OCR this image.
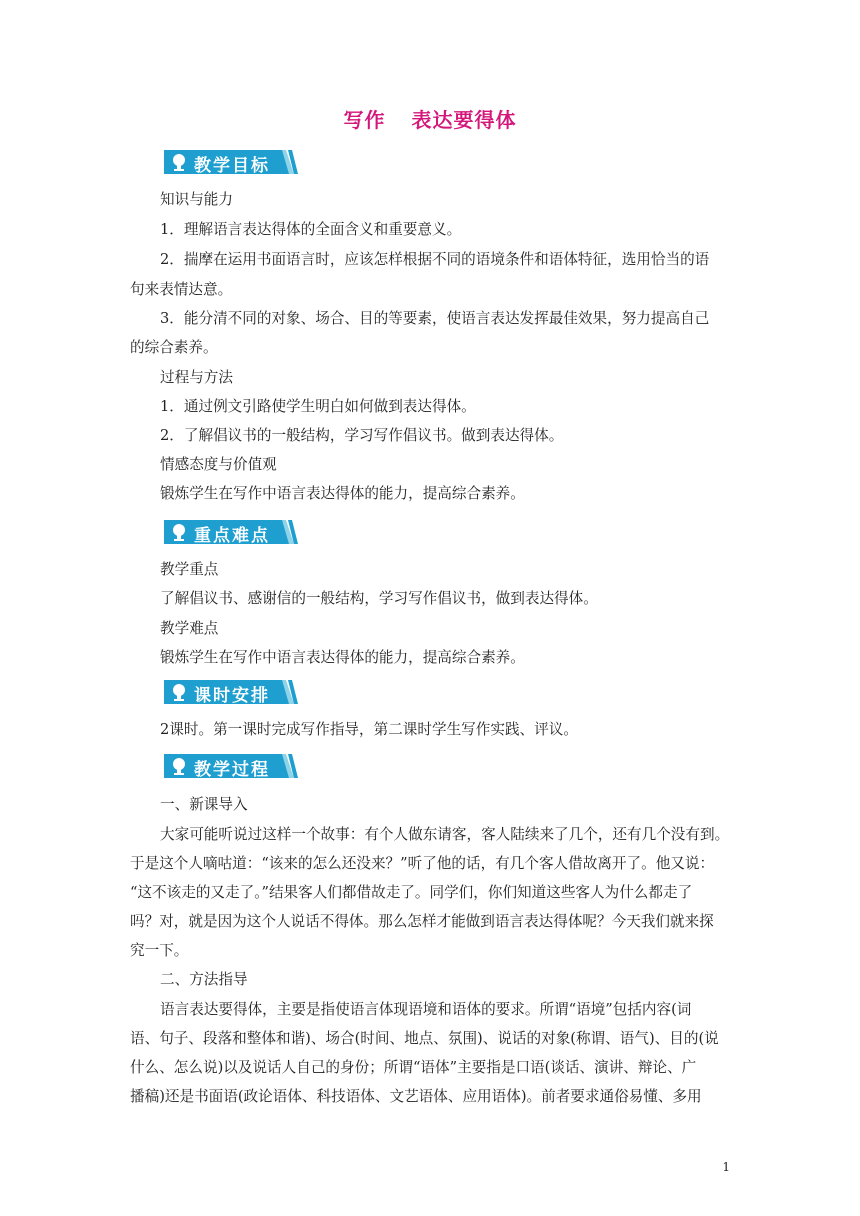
写作 表达要得体
教学目标
重点难点
课时安排
教学过程
知识与能力
1．理解语言表达得体的全面含义和重要意义。
2．揣摩在运用书面语言时，应该怎样根据不同的语境条件和语体特征，选用恰当的语
句来表情达意。
3．能分清不同的对象、场合、目的等要素，使语言表达发挥最佳效果，努力提高自己
的综合素养。
过程与方法
1．通过例文引路使学生明白如何做到表达得体。
2．了解倡议书的一般结构，学习写作倡议书。做到表达得体。
情感态度与价值观
锻炼学生在写作中语言表达得体的能力，提高综合素养。
教学重点
了解倡议书、感谢信的一般结构，学习写作倡议书，做到表达得体。
教学难点
锻炼学生在写作中语言表达得体的能力，提高综合素养。
2课时。第一课时完成写作指导，第二课时学生写作实践、评议。
一、新课导入
大家可能听说过这样一个故事：有个人做东请客，客人陆续来了几个，还有几个没有到。
于是这个人嘀咕道：“该来的怎么还没来？”听了他的话，有几个客人借故离开了。他又说：
“这不该走的又走了。”结果客人们都借故走了。同学们，你们知道这些客人为什么都走了
吗？对，就是因为这个人说话不得体。那么怎样才能做到语言表达得体呢？今天我们就来探
究一下。
二、方法指导
语言表达要得体，主要是指使语言体现语境和语体的要求。所谓“语境”包括内容(词
语、句子、段落和整体和谐)、场合(时间、地点、氛围)、说话的对象(称谓、语气)、目的(说
什么、怎么说)以及说话人自己的身份；所谓“语体”主要指是口语(谈话、演讲、辩论、广
播稿)还是书面语(政论语体、科技语体、文艺语体、应用语体)。前者要求通俗易懂、多用
1
